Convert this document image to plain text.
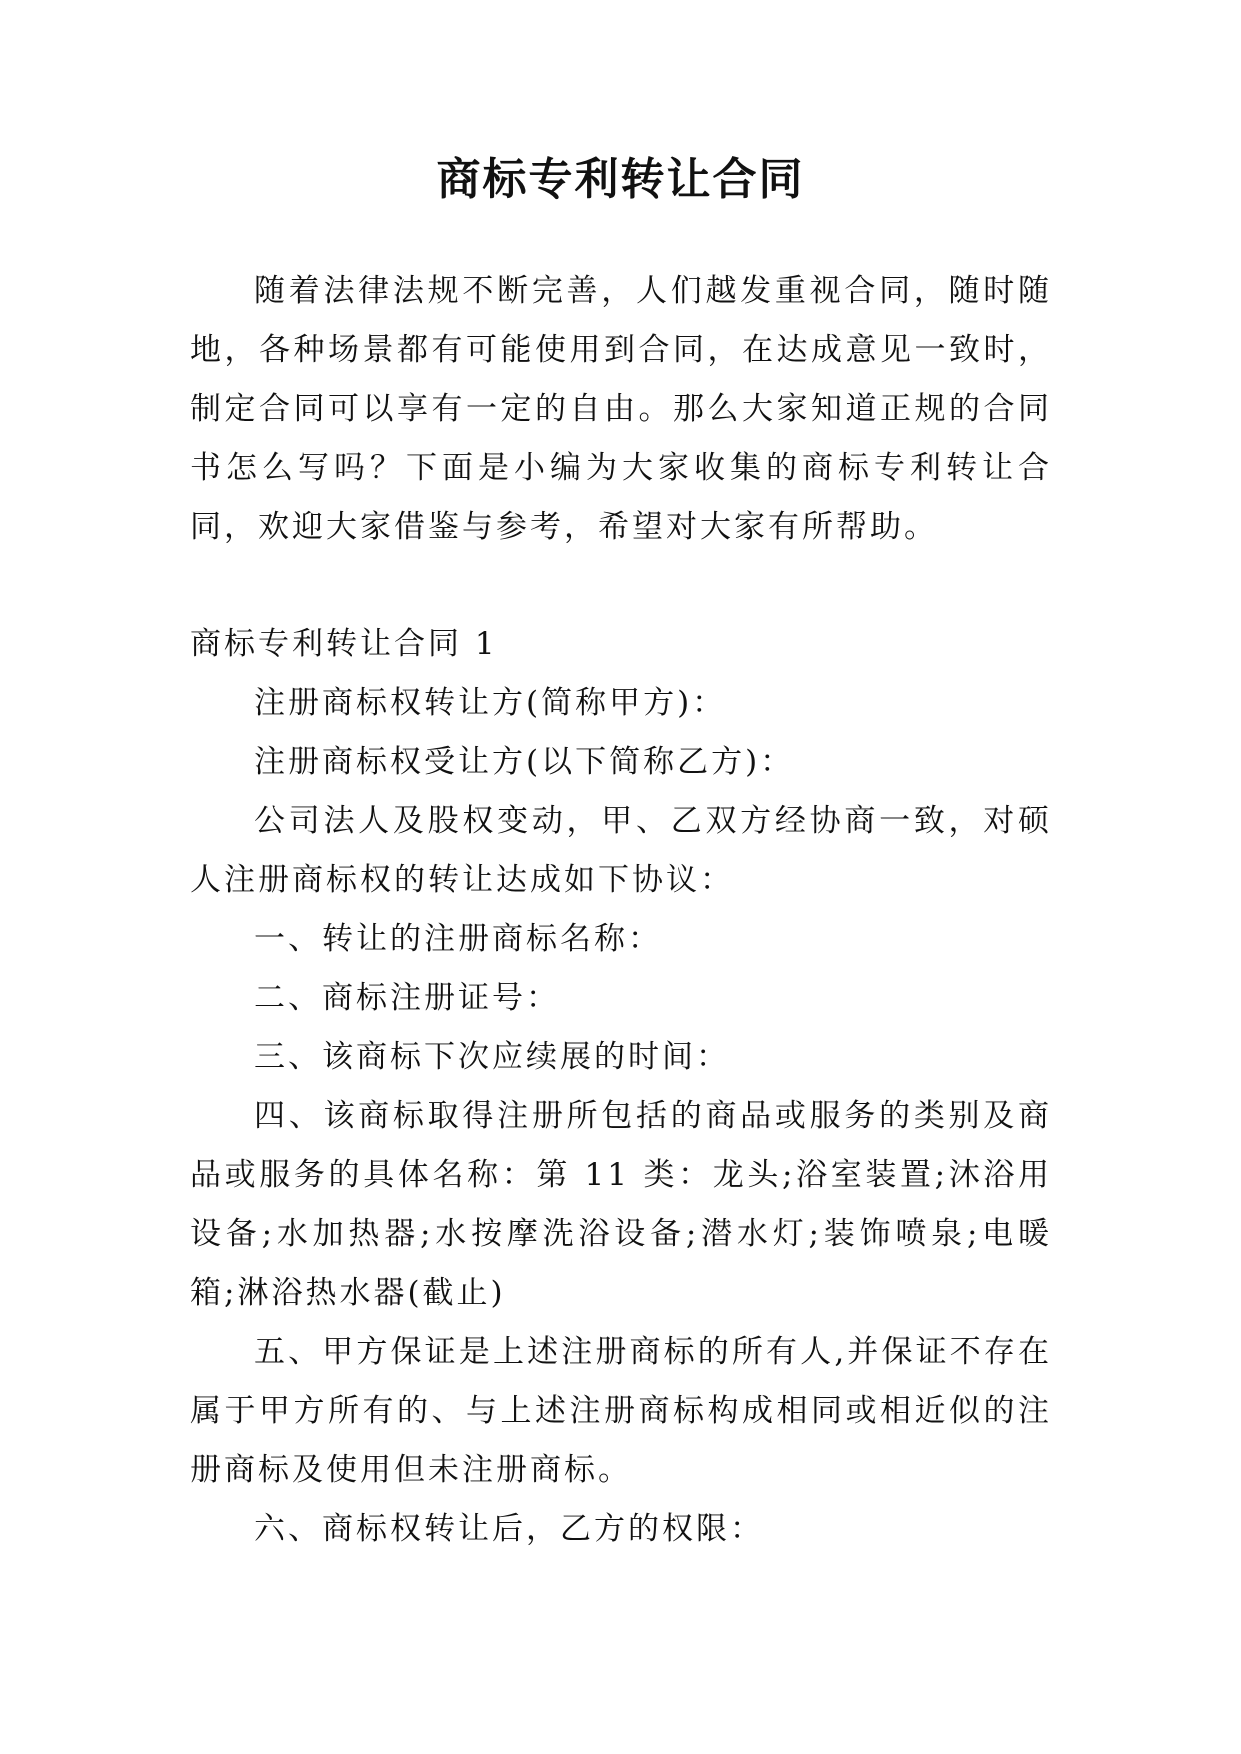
商标专利转让合同

随着法律法规不断完善，人们越发重视合同，随时随地，各种场景都有可能使用到合同，在达成意见一致时，制定合同可以享有一定的自由。那么大家知道正规的合同书怎么写吗？下面是小编为大家收集的商标专利转让合同，欢迎大家借鉴与参考，希望对大家有所帮助。

商标专利转让合同 1

注册商标权转让方(简称甲方)：

注册商标权受让方(以下简称乙方)：

公司法人及股权变动，甲、乙双方经协商一致，对硕人注册商标权的转让达成如下协议：

一、转让的注册商标名称：

二、商标注册证号：

三、该商标下次应续展的时间：

四、该商标取得注册所包括的商品或服务的类别及商品或服务的具体名称：第 11 类：龙头;浴室装置;沐浴用设备;水加热器;水按摩洗浴设备;潜水灯;装饰喷泉;电暖箱;淋浴热水器(截止)

五、甲方保证是上述注册商标的所有人,并保证不存在属于甲方所有的、与上述注册商标构成相同或相近似的注册商标及使用但未注册商标。

六、商标权转让后，乙方的权限：
